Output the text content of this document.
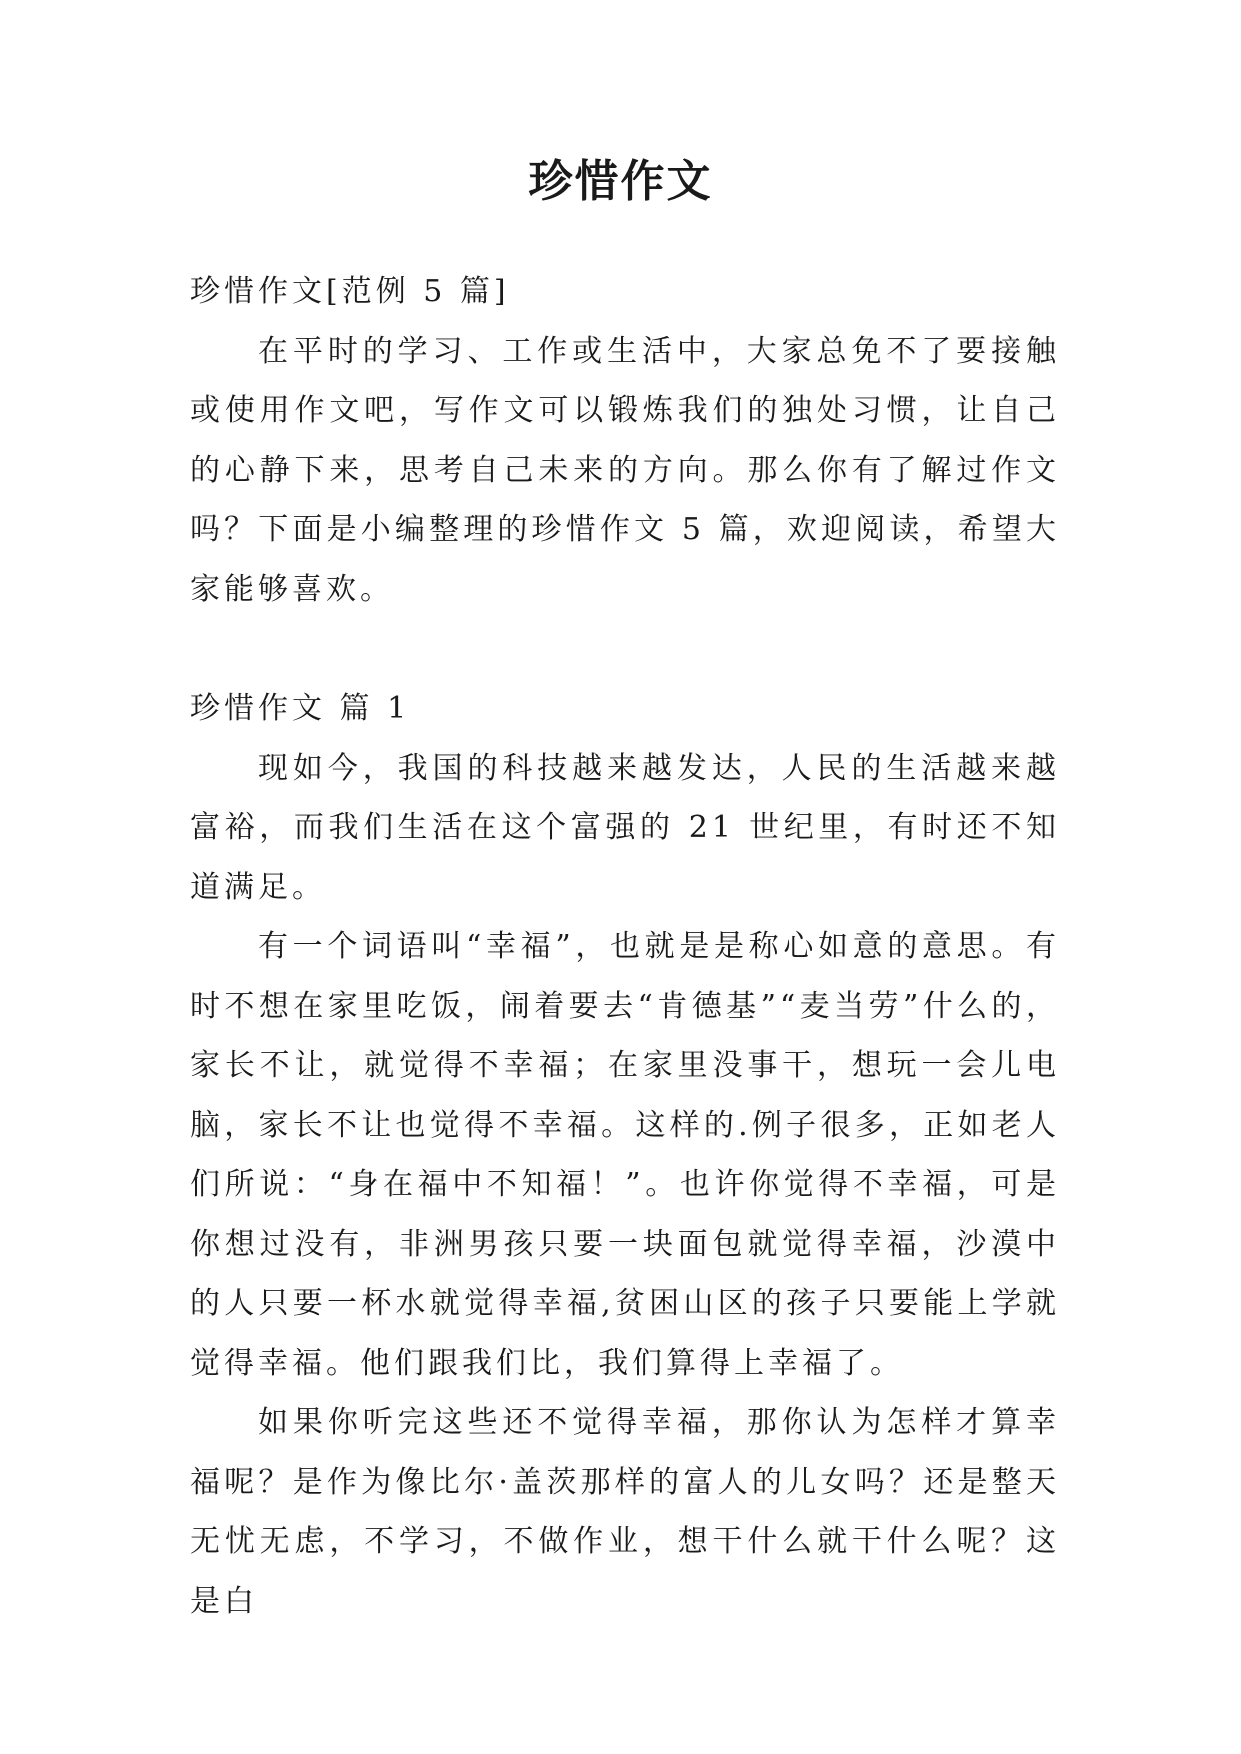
珍惜作文

珍惜作文[范例 5 篇]

在平时的学习、工作或生活中，大家总免不了要接触或使用作文吧，写作文可以锻炼我们的独处习惯，让自己的心静下来，思考自己未来的方向。那么你有了解过作文吗？下面是小编整理的珍惜作文 5 篇，欢迎阅读，希望大家能够喜欢。

珍惜作文 篇 1

现如今，我国的科技越来越发达，人民的生活越来越富裕，而我们生活在这个富强的 21 世纪里，有时还不知道满足。

有一个词语叫“幸福”，也就是是称心如意的意思。有时不想在家里吃饭，闹着要去“肯德基”“麦当劳”什么的，家长不让，就觉得不幸福；在家里没事干，想玩一会儿电脑，家长不让也觉得不幸福。这样的.例子很多，正如老人们所说：“身在福中不知福！”。也许你觉得不幸福，可是你想过没有，非洲男孩只要一块面包就觉得幸福，沙漠中的人只要一杯水就觉得幸福,贫困山区的孩子只要能上学就觉得幸福。他们跟我们比，我们算得上幸福了。

如果你听完这些还不觉得幸福，那你认为怎样才算幸福呢？是作为像比尔·盖茨那样的富人的儿女吗？还是整天无忧无虑，不学习，不做作业，想干什么就干什么呢？这是白
